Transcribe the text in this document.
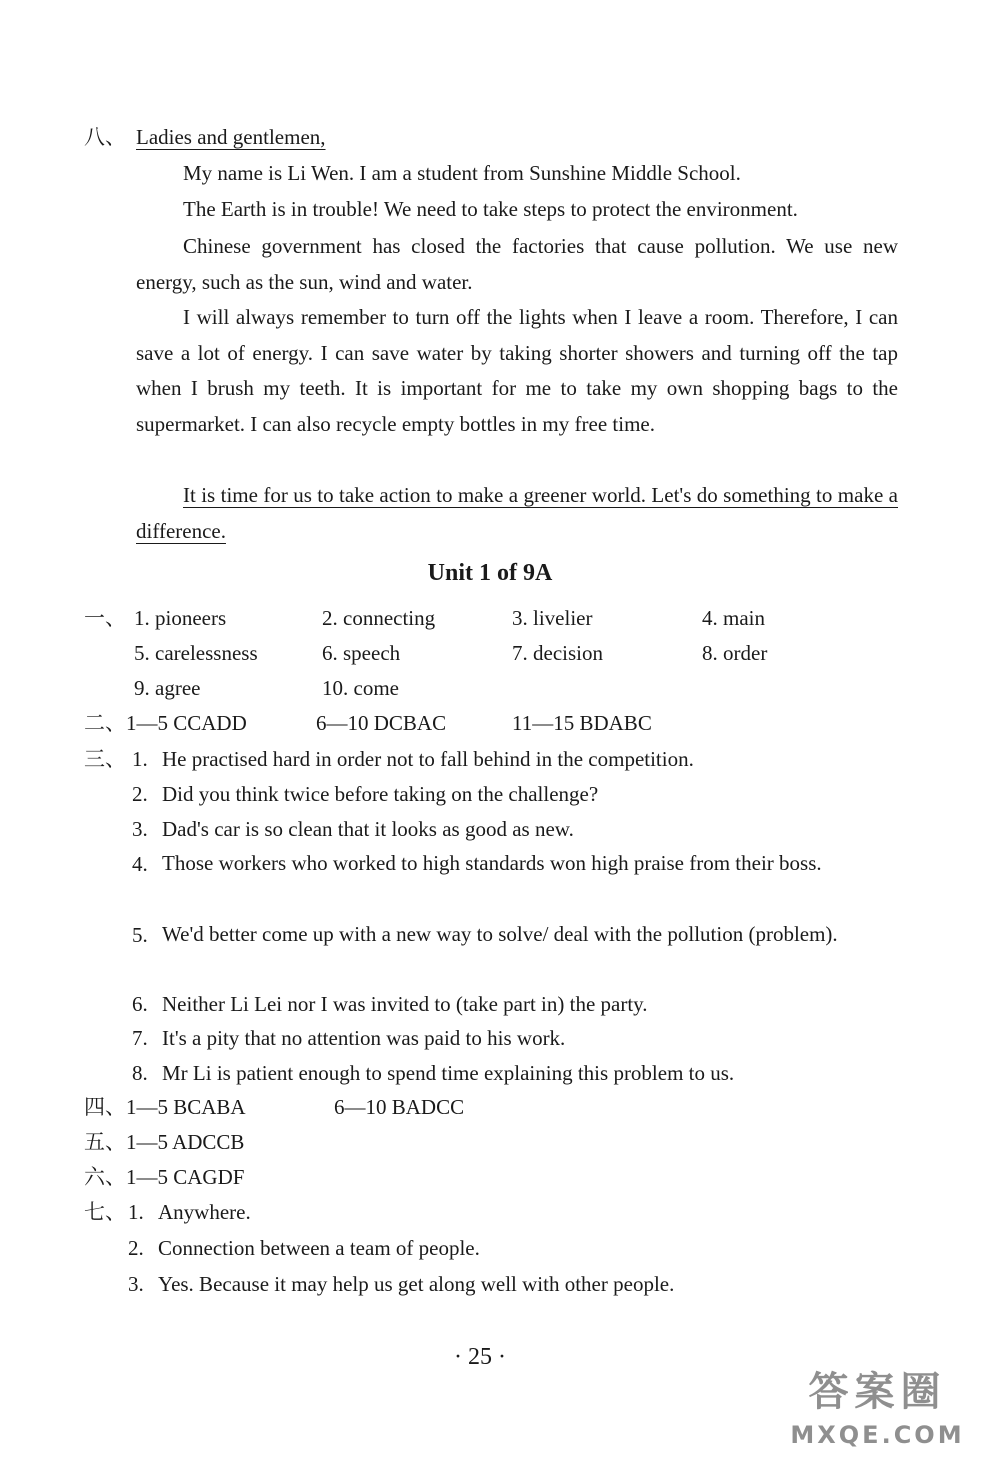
八、 Ladies and gentlemen,
My name is Li Wen. I am a student from Sunshine Middle School.
The Earth is in trouble! We need to take steps to protect the environment.
Chinese government has closed the factories that cause pollution. We use new energy, such as the sun, wind and water.
I will always remember to turn off the lights when I leave a room. Therefore, I can save a lot of energy. I can save water by taking shorter showers and turning off the tap when I brush my teeth. It is important for me to take my own shopping bags to the supermarket. I can also recycle empty bottles in my free time.
It is time for us to take action to make a greener world. Let's do something to make a difference.
Unit 1 of 9A
一、 1. pioneers	2. connecting	3. livelier	4. main
5. carelessness	6. speech	7. decision	8. order
9. agree	10. come
二、 1—5 CCADD	6—10 DCBAC	11—15 BDABC
三、 1. He practised hard in order not to fall behind in the competition.
2. Did you think twice before taking on the challenge?
3. Dad's car is so clean that it looks as good as new.
4. Those workers who worked to high standards won high praise from their boss.
5. We'd better come up with a new way to solve/ deal with the pollution (problem).
6. Neither Li Lei nor I was invited to (take part in) the party.
7. It's a pity that no attention was paid to his work.
8. Mr Li is patient enough to spend time explaining this problem to us.
四、 1—5 BCABA	6—10 BADCC
五、 1—5 ADCCB
六、 1—5 CAGDF
七、 1. Anywhere.
2. Connection between a team of people.
3. Yes. Because it may help us get along well with other people.
· 25 ·
答案圈
MXQE.COM
